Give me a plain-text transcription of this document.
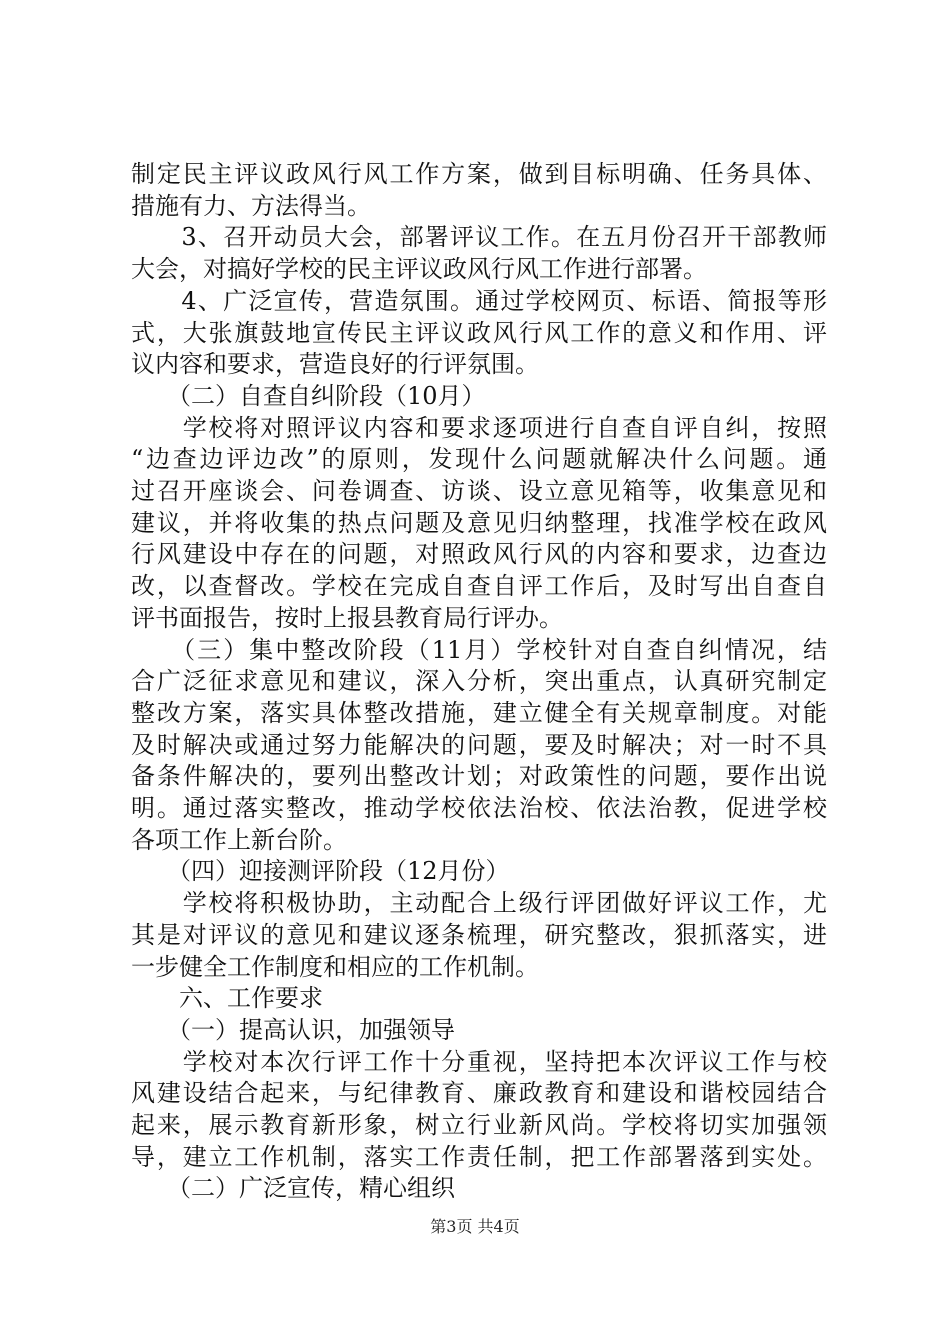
制定民主评议政风行风工作方案，做到目标明确、任务具体、
措施有力、方法得当。
　　3、召开动员大会，部署评议工作。在五月份召开干部教师
大会，对搞好学校的民主评议政风行风工作进行部署。
　　4、广泛宣传，营造氛围。通过学校网页、标语、简报等形
式，大张旗鼓地宣传民主评议政风行风工作的意义和作用、评
议内容和要求，营造良好的行评氛围。
　　（二）自查自纠阶段（10月）
　　学校将对照评议内容和要求逐项进行自查自评自纠，按照
“边查边评边改”的原则，发现什么问题就解决什么问题。通
过召开座谈会、问卷调查、访谈、设立意见箱等，收集意见和
建议，并将收集的热点问题及意见归纳整理，找准学校在政风
行风建设中存在的问题，对照政风行风的内容和要求，边查边
改，以查督改。学校在完成自查自评工作后，及时写出自查自
评书面报告，按时上报县教育局行评办。
　　（三）集中整改阶段（11月）学校针对自查自纠情况，结
合广泛征求意见和建议，深入分析，突出重点，认真研究制定
整改方案，落实具体整改措施，建立健全有关规章制度。对能
及时解决或通过努力能解决的问题，要及时解决；对一时不具
备条件解决的，要列出整改计划；对政策性的问题，要作出说
明。通过落实整改，推动学校依法治校、依法治教，促进学校
各项工作上新台阶。
　　（四）迎接测评阶段（12月份）
　　学校将积极协助，主动配合上级行评团做好评议工作，尤
其是对评议的意见和建议逐条梳理，研究整改，狠抓落实，进
一步健全工作制度和相应的工作机制。
　　六、工作要求
　　（一）提高认识，加强领导
　　学校对本次行评工作十分重视，坚持把本次评议工作与校
风建设结合起来，与纪律教育、廉政教育和建设和谐校园结合
起来，展示教育新形象，树立行业新风尚。学校将切实加强领
导，建立工作机制，落实工作责任制，把工作部署落到实处。
　　（二）广泛宣传，精心组织
第3页 共4页
